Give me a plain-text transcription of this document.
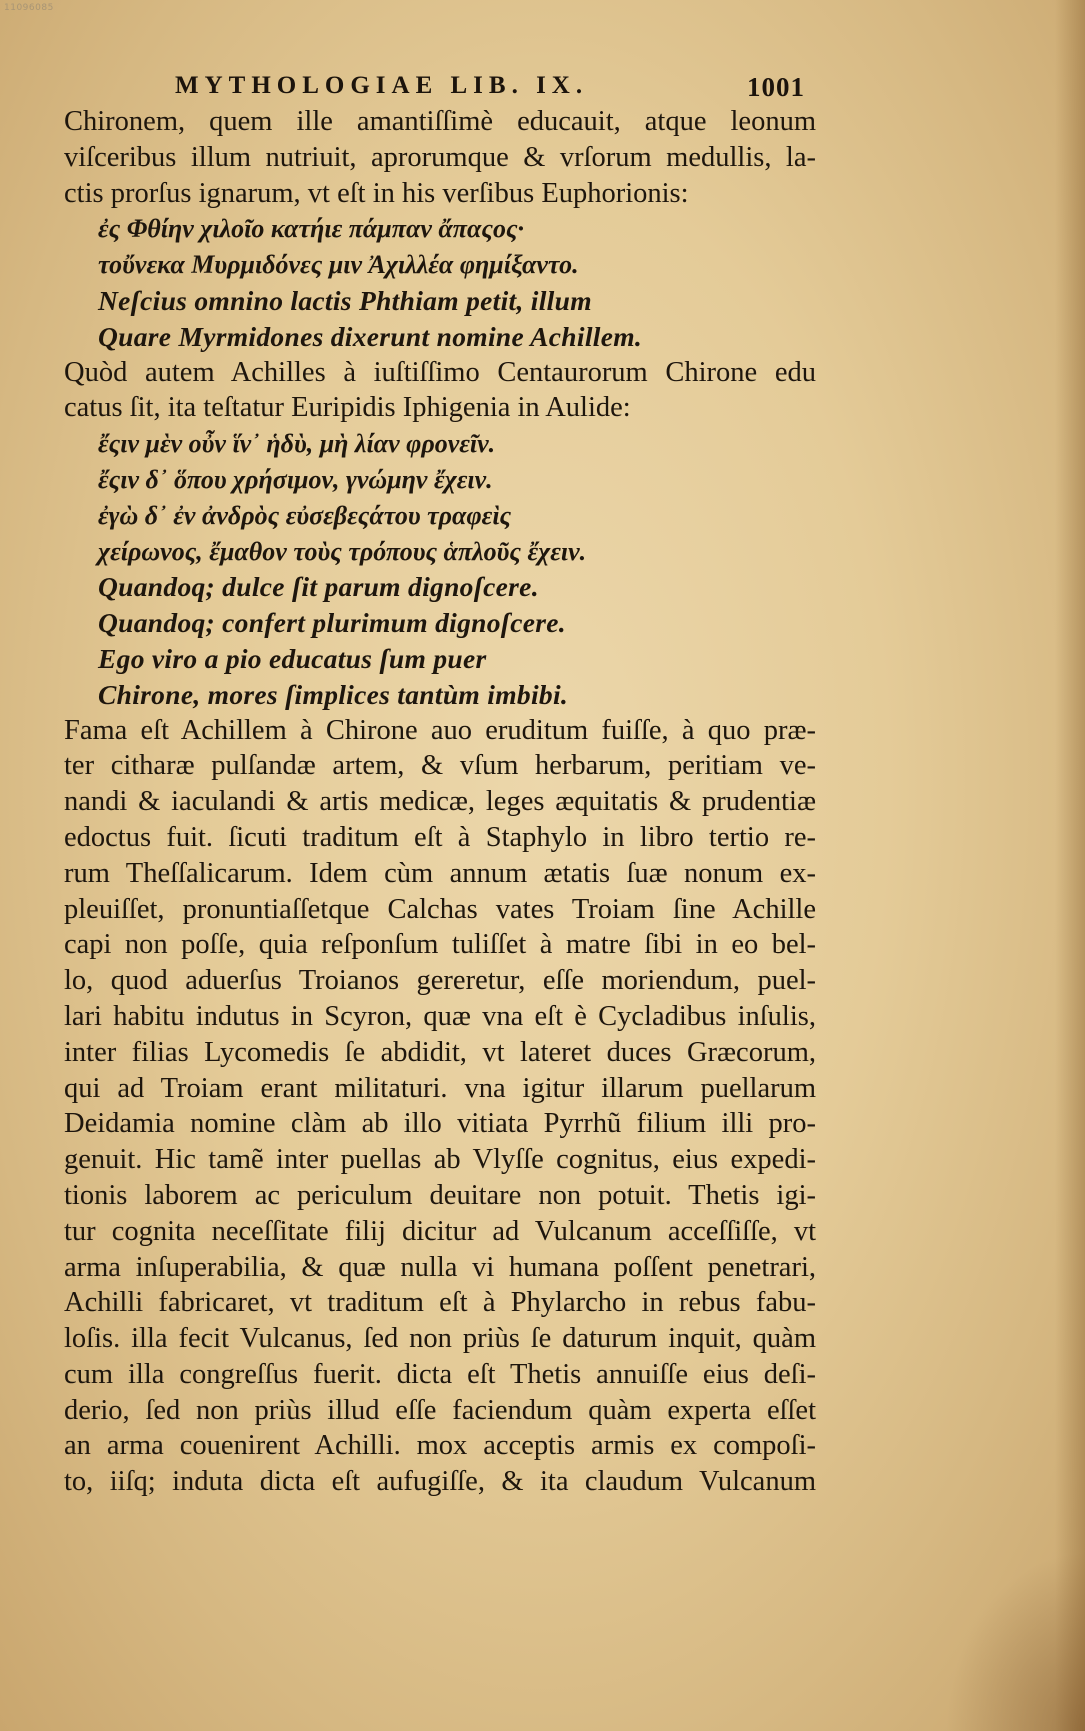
11096085
MYTHOLOGIAE LIB. IX.	1001
Chironem, quem ille amantiſſimè educauit, atque leonum
viſceribus illum nutriuit, aprorumque & vrſorum medullis, la-
ctis prorſus ignarum, vt eſt in his verſibus Euphorionis:
ἐς Φθίην χιλοῖο κατήιε πάμπαν ἄπαςος·
τοὔνεκα Μυρμιδόνες μιν Ἀχιλλέα φημίξαντο.
Neſcius omnino lactis Phthiam petit, illum
Quare Myrmidones dixerunt nomine Achillem.
Quòd autem Achilles à iuſtiſſimo Centaurorum Chirone edu
catus ſit, ita teſtatur Euripidis Iphigenia in Aulide:
ἔςιν μὲν οὖν ἵν᾽ ἡδὺ, μὴ λίαν φρονεῖν.
ἔςιν δ᾽ ὅπου χρήσιμον, γνώμην ἔχειν.
ἐγὼ δ᾽ ἐν ἀνδρὸς εὐσεβεςάτου τραφεὶς
χείρωνος, ἔμαθον τοὺς τρόπους ἁπλοῦς ἔχειν.
Quandoq; dulce ſit parum dignoſcere.
Quandoq; confert plurimum dignoſcere.
Ego viro a pio educatus ſum puer
Chirone, mores ſimplices tantùm imbibi.
Fama eſt Achillem à Chirone auo eruditum fuiſſe, à quo præ-
ter citharæ pulſandæ artem, & vſum herbarum, peritiam ve-
nandi & iaculandi & artis medicæ, leges æquitatis & prudentiæ
edoctus fuit. ſicuti traditum eſt à Staphylo in libro tertio re-
rum Theſſalicarum. Idem cùm annum ætatis ſuæ nonum ex-
pleuiſſet, pronuntiaſſetque Calchas vates Troiam ſine Achille
capi non poſſe, quia reſponſum tuliſſet à matre ſibi in eo bel-
lo, quod aduerſus Troianos gereretur, eſſe moriendum, puel-
lari habitu indutus in Scyron, quæ vna eſt è Cycladibus inſulis,
inter filias Lycomedis ſe abdidit, vt lateret duces Græcorum,
qui ad Troiam erant militaturi. vna igitur illarum puellarum
Deidamia nomine clàm ab illo vitiata Pyrrhũ filium illi pro-
genuit. Hic tamẽ inter puellas ab Vlyſſe cognitus, eius expedi-
tionis laborem ac periculum deuitare non potuit. Thetis igi-
tur cognita neceſſitate filij dicitur ad Vulcanum acceſſiſſe, vt
arma inſuperabilia, & quæ nulla vi humana poſſent penetrari,
Achilli fabricaret, vt traditum eſt à Phylarcho in rebus fabu-
loſis. illa fecit Vulcanus, ſed non priùs ſe daturum inquit, quàm
cum illa congreſſus fuerit. dicta eſt Thetis annuiſſe eius deſi-
derio, ſed non priùs illud eſſe faciendum quàm experta eſſet
an arma couenirent Achilli. mox acceptis armis ex compoſi-
to, iiſq; induta dicta eſt aufugiſſe, & ita claudum Vulcanum
